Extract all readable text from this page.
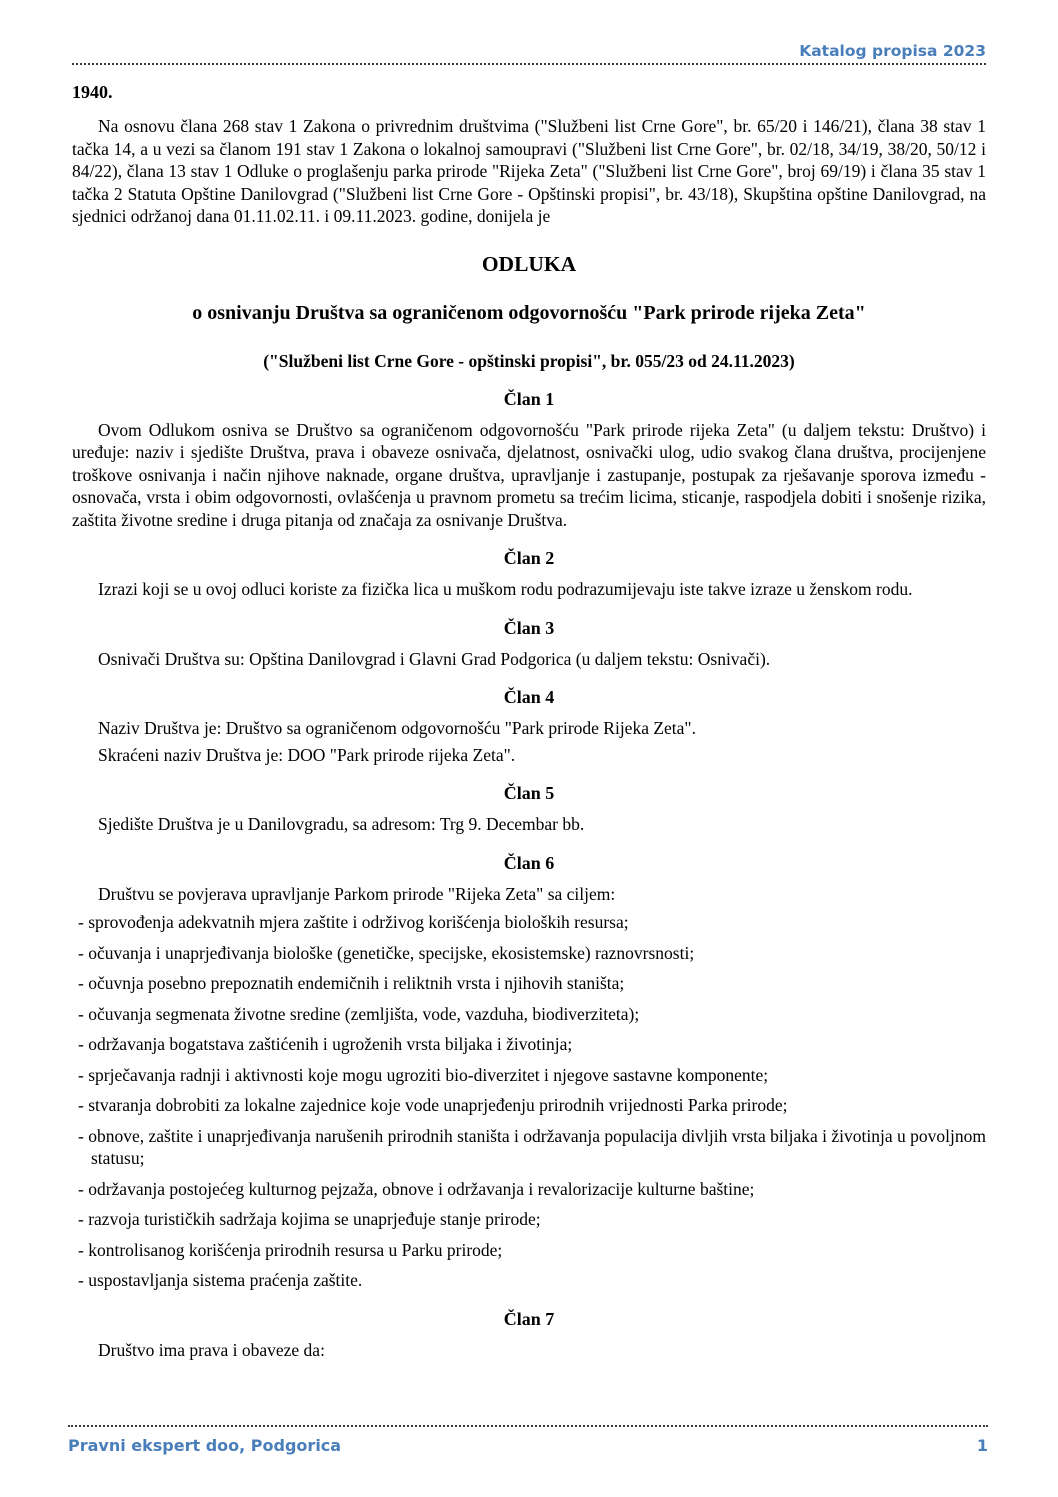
Katalog propisa 2023
1940.

Na osnovu člana 268 stav 1 Zakona o privrednim društvima ("Službeni list Crne Gore", br. 65/20 i 146/21), člana 38 stav 1 tačka 14, a u vezi sa članom 191 stav 1 Zakona o lokalnoj samoupravi ("Službeni list Crne Gore", br. 02/18, 34/19, 38/20, 50/12 i 84/22), člana 13 stav 1 Odluke o proglašenju parka prirode "Rijeka Zeta" ("Službeni list Crne Gore", broj 69/19) i člana 35 stav 1 tačka 2 Statuta Opštine Danilovgrad ("Službeni list Crne Gore - Opštinski propisi", br. 43/18), Skupština opštine Danilovgrad, na sjednici održanoj dana 01.11.02.11. i 09.11.2023. godine, donijela je

ODLUKA
o osnivanju Društva sa ograničenom odgovornošću "Park prirode rijeka Zeta"
("Službeni list Crne Gore - opštinski propisi", br. 055/23 od 24.11.2023)
Član 1

Ovom Odlukom osniva se Društvo sa ograničenom odgovornošću "Park prirode rijeka Zeta" (u daljem tekstu: Društvo) i uređuje: naziv i sjedište Društva, prava i obaveze osnivača, djelatnost, osnivački ulog, udio svakog člana društva, procijenjene troškove osnivanja i način njihove naknade, organe društva, upravljanje i zastupanje, postupak za rješavanje sporova između - osnovača, vrsta i obim odgovornosti, ovlašćenja u pravnom prometu sa trećim licima, sticanje, raspodjela dobiti i snošenje rizika, zaštita životne sredine i druga pitanja od značaja za osnivanje Društva.

Član 2

Izrazi koji se u ovoj odluci koriste za fizička lica u muškom rodu podrazumijevaju iste takve izraze u ženskom rodu.

Član 3

Osnivači Društva su: Opština Danilovgrad i Glavni Grad Podgorica (u daljem tekstu: Osnivači).

Član 4

Naziv Društva je: Društvo sa ograničenom odgovornošću "Park prirode Rijeka Zeta".

Skraćeni naziv Društva je: DOO "Park prirode rijeka Zeta".

Član 5

Sjedište Društva je u Danilovgradu, sa adresom: Trg 9. Decembar bb.

Član 6

Društvu se povjerava upravljanje Parkom prirode "Rijeka Zeta" sa ciljem:

- sprovođenja adekvatnih mjera zaštite i održivog korišćenja bioloških resursa;
- očuvanja i unaprjeđivanja biološke (genetičke, specijske, ekosistemske) raznovrsnosti;
- očuvnja posebno prepoznatih endemičnih i reliktnih vrsta i njihovih staništa;
- očuvanja segmenata životne sredine (zemljišta, vode, vazduha, biodiverziteta);
- održavanja bogatstava zaštićenih i ugroženih vrsta biljaka i životinja;
- sprječavanja radnji i aktivnosti koje mogu ugroziti bio-diverzitet i njegove sastavne komponente;
- stvaranja dobrobiti za lokalne zajednice koje vode unaprjeđenju prirodnih vrijednosti Parka prirode;
- obnove, zaštite i unaprjeđivanja narušenih prirodnih staništa i održavanja populacija divljih vrsta biljaka i životinja u povoljnom statusu;
- održavanja postojećeg kulturnog pejzaža, obnove i održavanja i revalorizacije kulturne baštine;
- razvoja turističkih sadržaja kojima se unaprjeđuje stanje prirode;
- kontrolisanog korišćenja prirodnih resursa u Parku prirode;
- uspostavljanja sistema praćenja zaštite.
Član 7

Društvo ima prava i obaveze da:

Pravni ekspert doo, Podgorica	1
